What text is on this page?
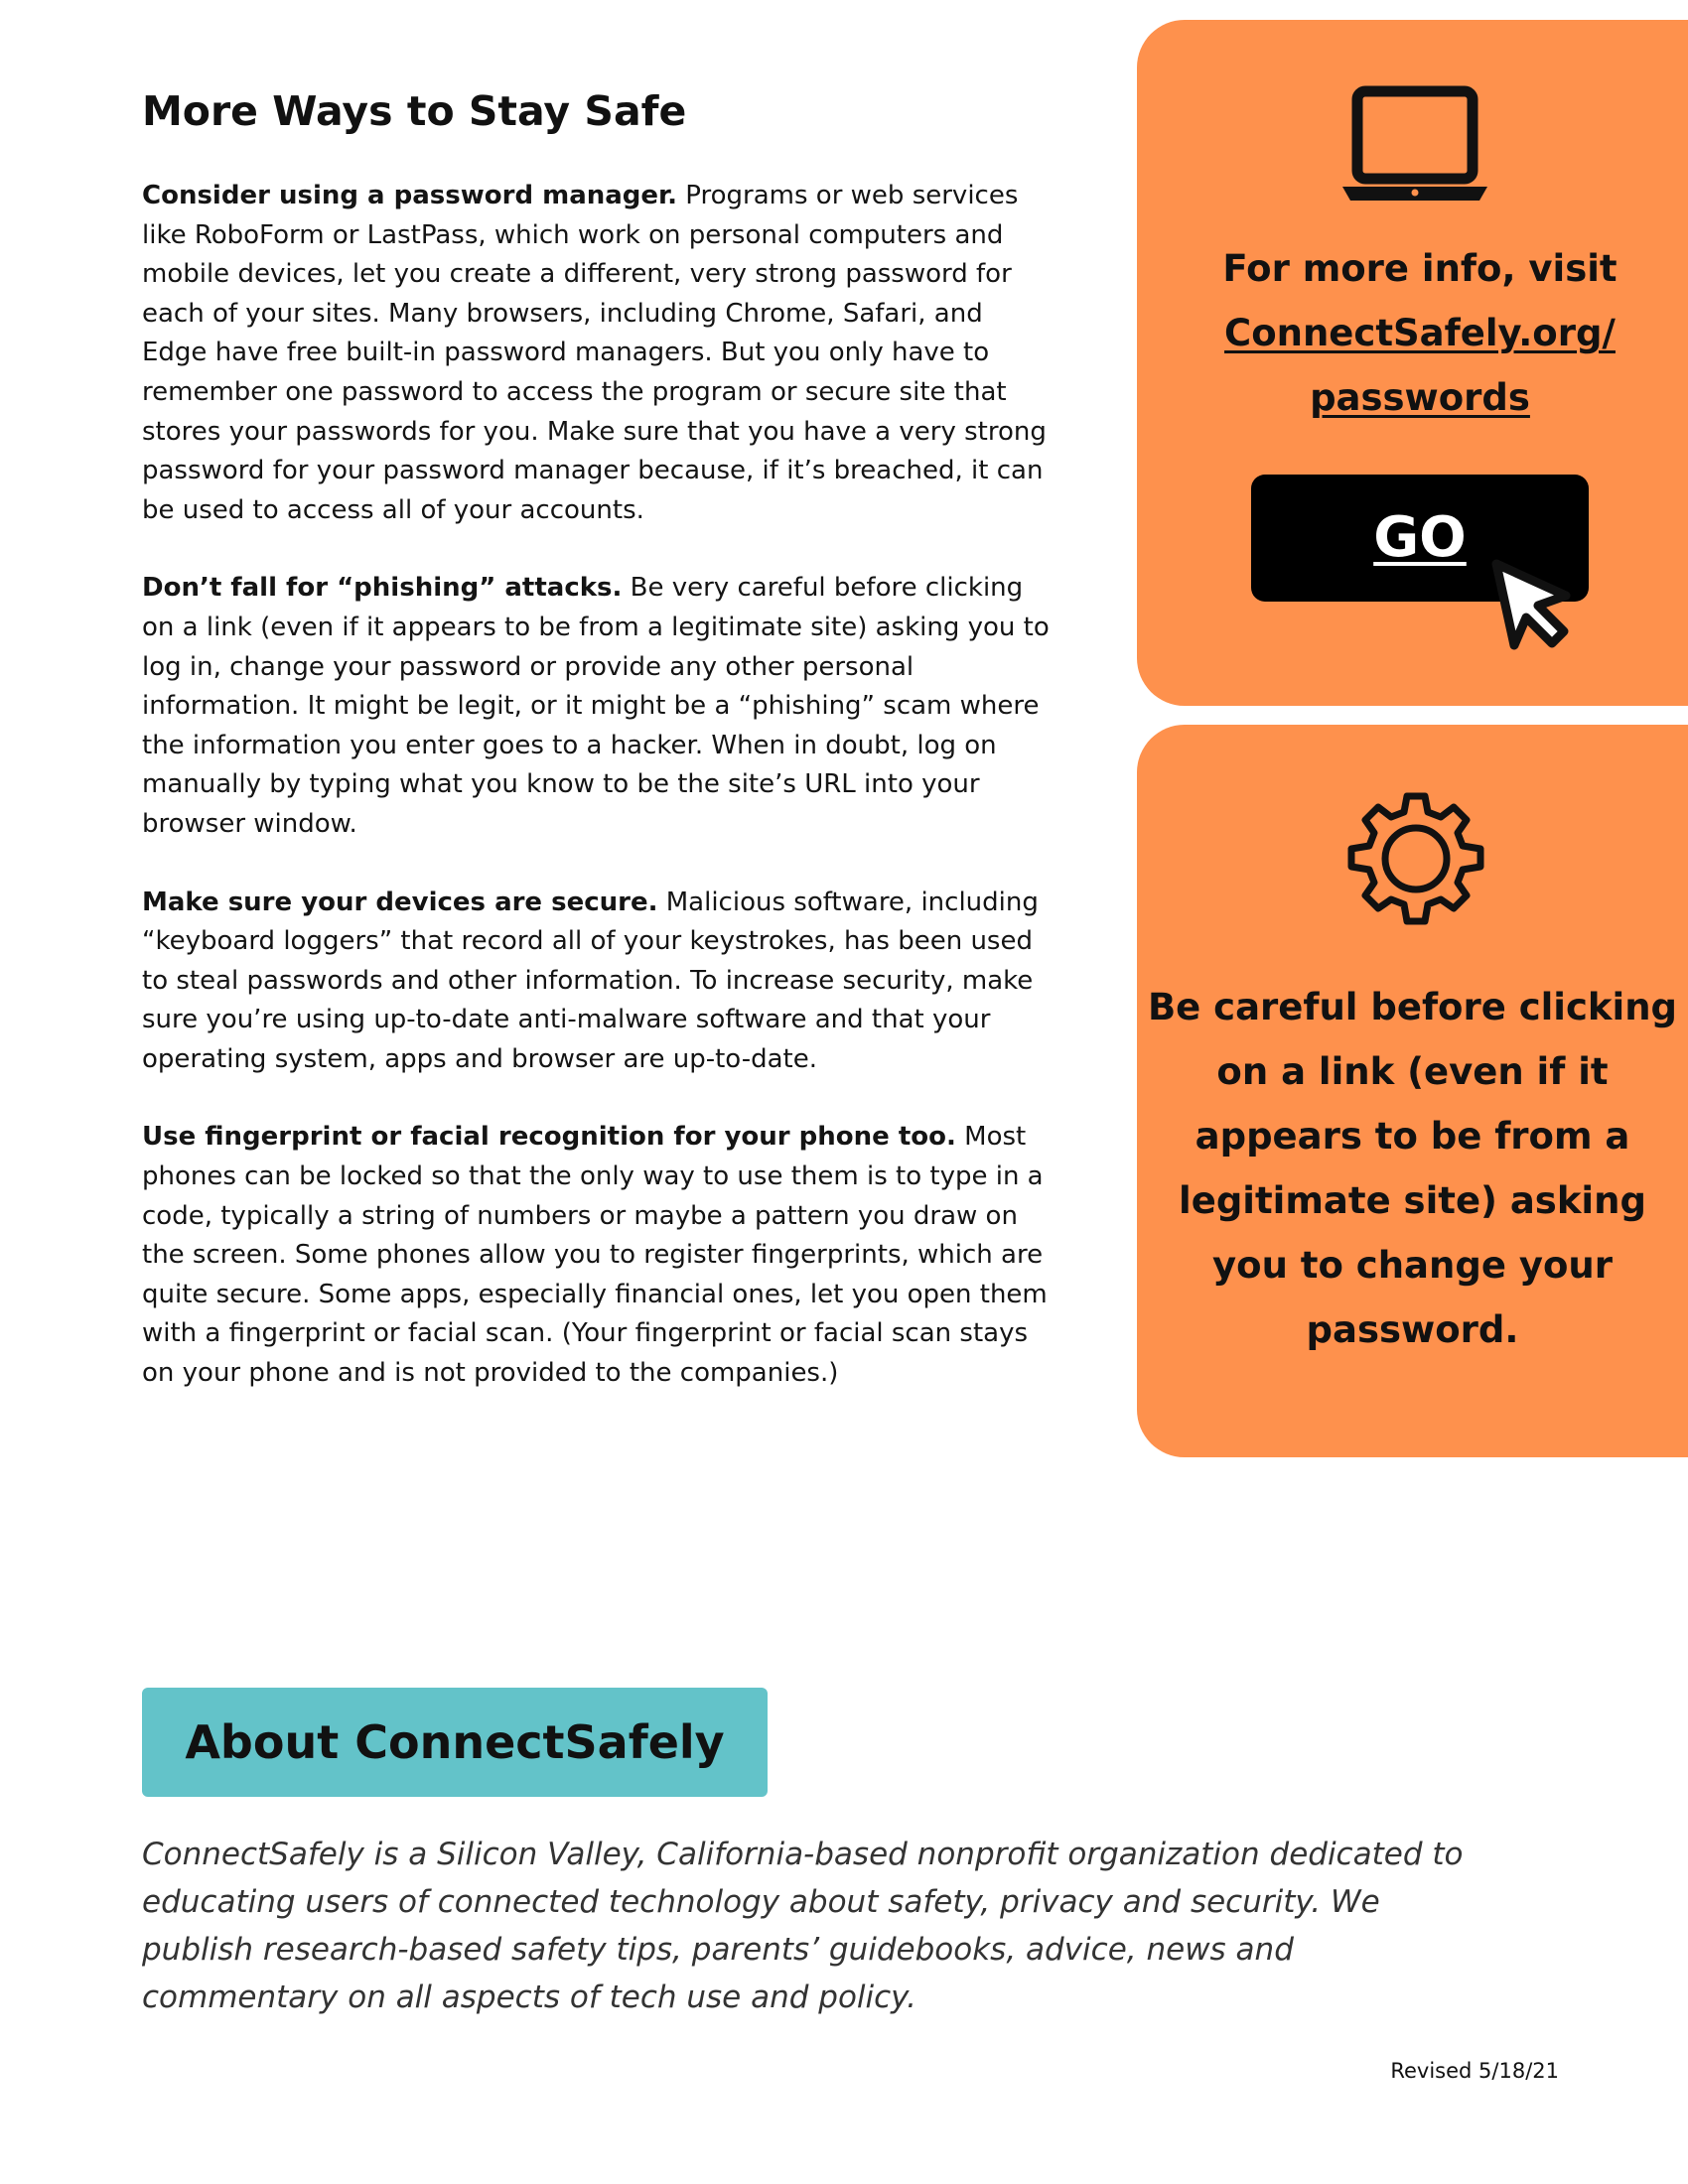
More Ways to Stay Safe

Consider using a password manager. Programs or web services like RoboForm or LastPass, which work on personal computers and mobile devices, let you create a different, very strong password for each of your sites. Many browsers, including Chrome, Safari, and Edge have free built-in password managers. But you only have to remember one password to access the program or secure site that stores your passwords for you. Make sure that you have a very strong password for your password manager because, if it’s breached, it can be used to access all of your accounts.

Don’t fall for “phishing” attacks. Be very careful before clicking on a link (even if it appears to be from a legitimate site) asking you to log in, change your password or provide any other personal information. It might be legit, or it might be a “phishing” scam where the information you enter goes to a hacker. When in doubt, log on manually by typing what you know to be the site’s URL into your browser window.

Make sure your devices are secure. Malicious software, including “keyboard loggers” that record all of your keystrokes, has been used to steal passwords and other information. To increase security, make sure you’re using up-to-date anti-malware software and that your operating system, apps and browser are up-to-date.

Use fingerprint or facial recognition for your phone too. Most phones can be locked so that the only way to use them is to type in a code, typically a string of numbers or maybe a pattern you draw on the screen. Some phones allow you to register fingerprints, which are quite secure. Some apps, especially financial ones, let you open them with a fingerprint or facial scan. (Your fingerprint or facial scan stays on your phone and is not provided to the companies.)

For more info, visit
ConnectSafely.org/
passwords
GO
Be careful before clicking on a link (even if it appears to be from a legitimate site) asking you to change your password.
About ConnectSafely

ConnectSafely is a Silicon Valley, California-based nonprofit organization dedicated to educating users of connected technology about safety, privacy and security. We publish research-based safety tips, parents’ guidebooks, advice, news and commentary on all aspects of tech use and policy.

Revised 5/18/21
